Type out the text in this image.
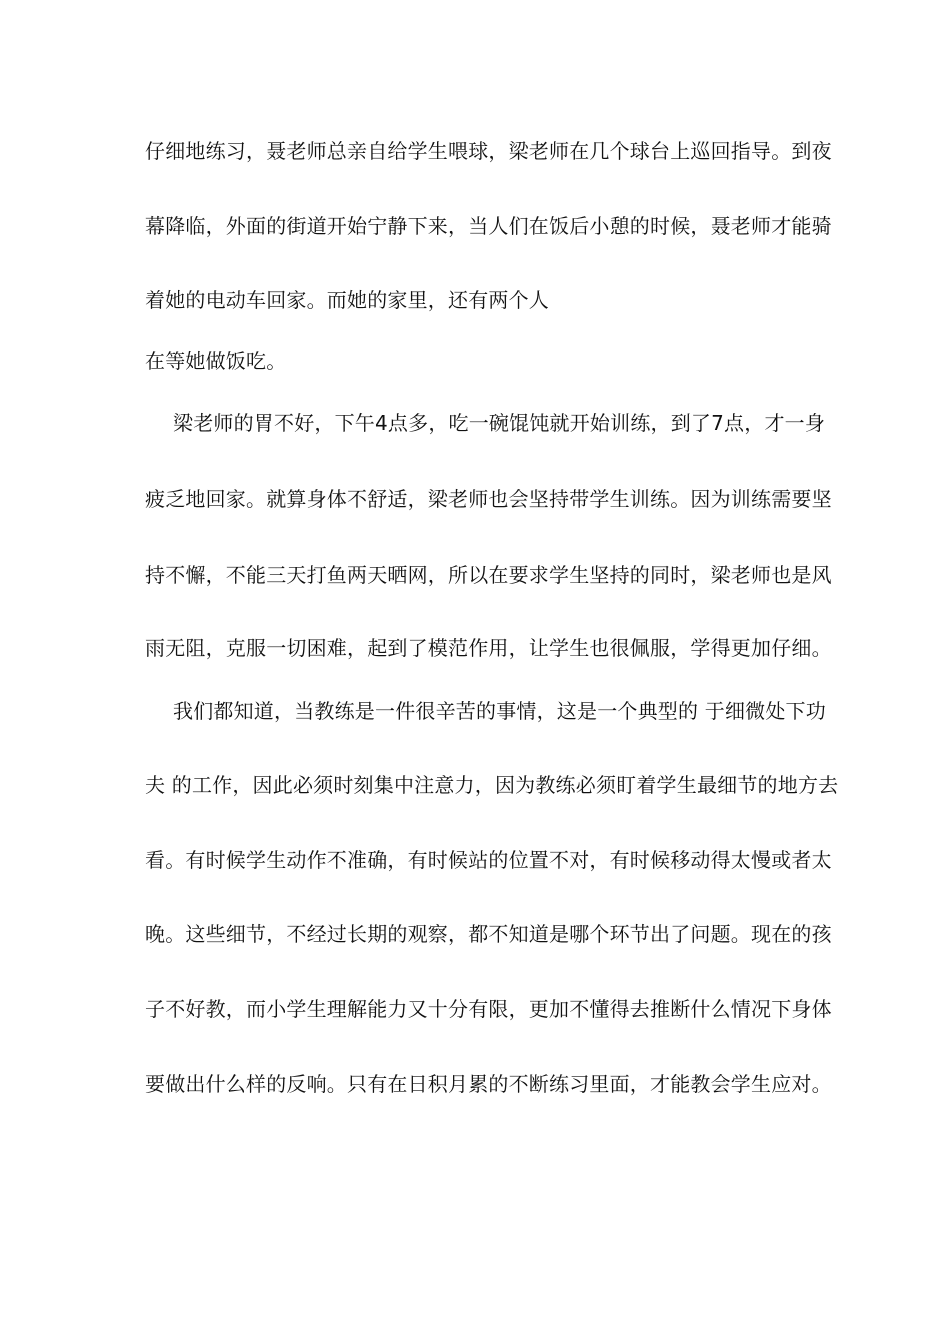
仔细地练习，聂老师总亲自给学生喂球，梁老师在几个球台上巡回指导。到夜
幕降临，外面的街道开始宁静下来，当人们在饭后小憩的时候，聂老师才能骑
着她的电动车回家。而她的家里，还有两个人
在等她做饭吃。
梁老师的胃不好，下午4点多，吃一碗馄饨就开始训练，到了7点，才一身
疲乏地回家。就算身体不舒适，梁老师也会坚持带学生训练。因为训练需要坚
持不懈，不能三天打鱼两天晒网，所以在要求学生坚持的同时，梁老师也是风
雨无阻，克服一切困难，起到了模范作用，让学生也很佩服，学得更加仔细。
我们都知道，当教练是一件很辛苦的事情，这是一个典型的 于细微处下功
夫 的工作，因此必须时刻集中注意力，因为教练必须盯着学生最细节的地方去
看。有时候学生动作不准确，有时候站的位置不对，有时候移动得太慢或者太
晚。这些细节，不经过长期的观察，都不知道是哪个环节出了问题。现在的孩
子不好教，而小学生理解能力又十分有限，更加不懂得去推断什么情况下身体
要做出什么样的反响。只有在日积月累的不断练习里面，才能教会学生应对。
